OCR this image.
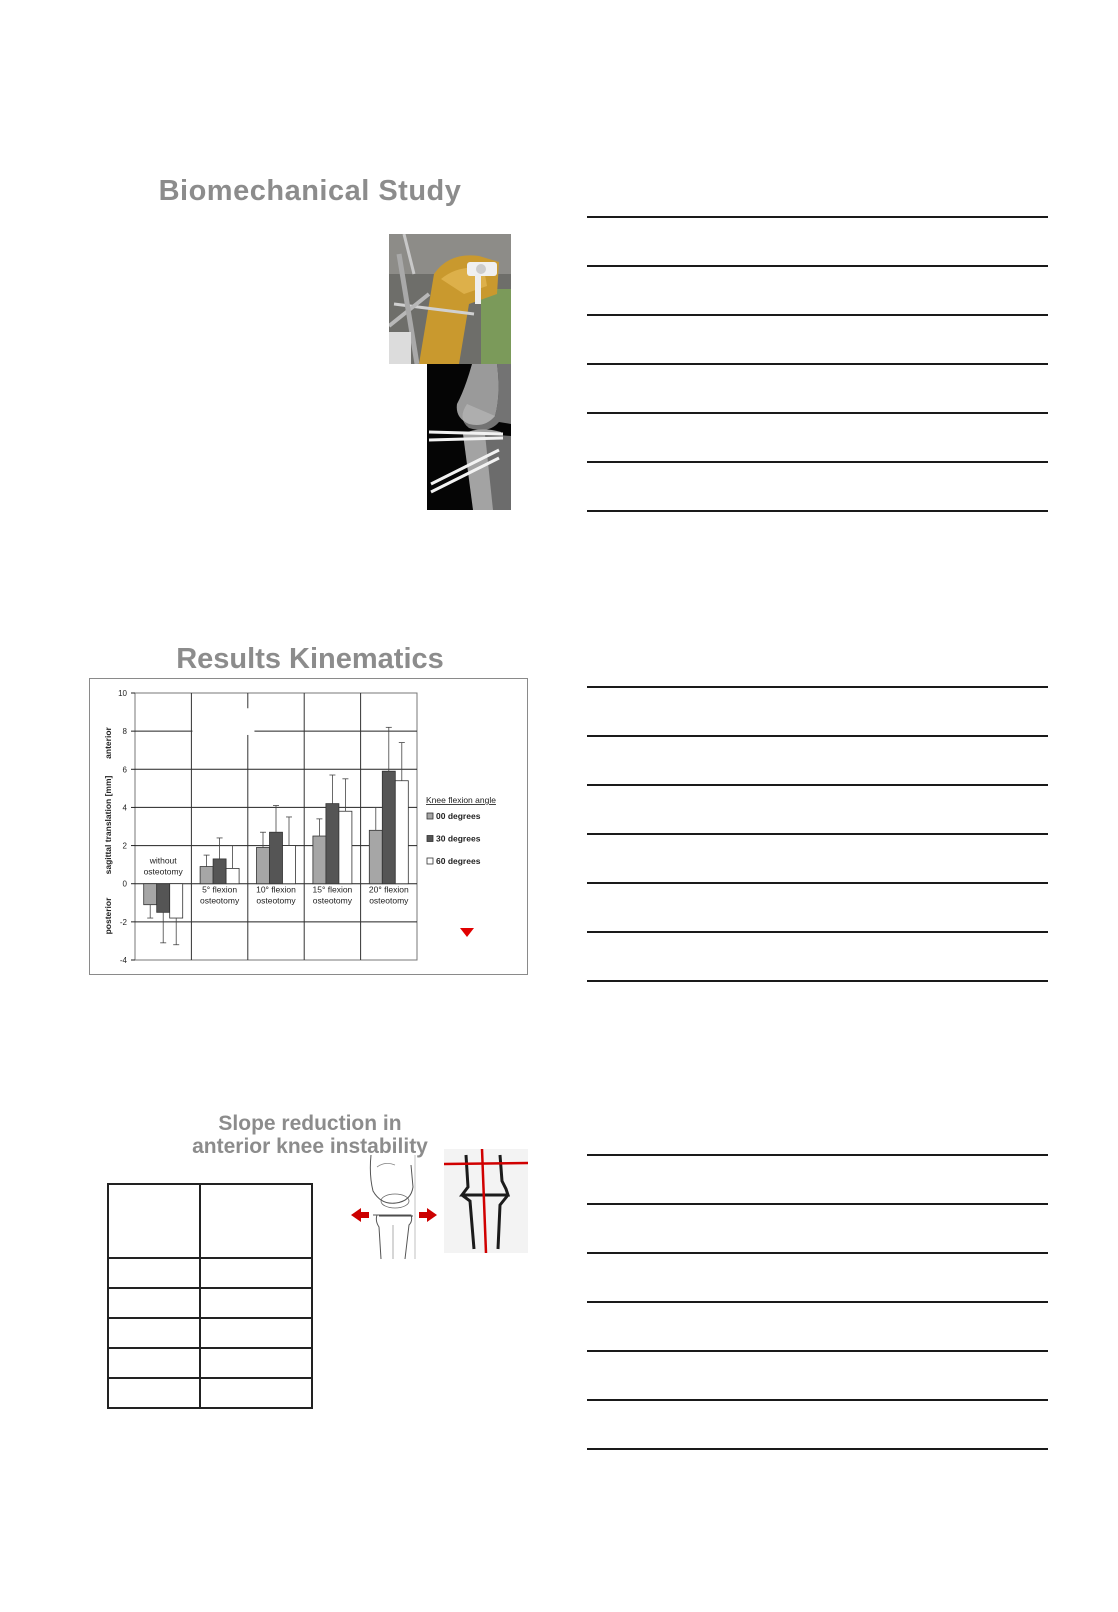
Biomechanical Study
Results Kinematics
-4
-2
0
2
4
6
8
10
without
osteotomy
5° flexion
osteotomy
10° flexion
osteotomy
15° flexion
osteotomy
20° flexion
osteotomy
anterior
sagittal translation [mm]
posterior
Knee flexion angle
00 degrees
30 degrees
60 degrees
Slope reduction in
anterior knee instability
